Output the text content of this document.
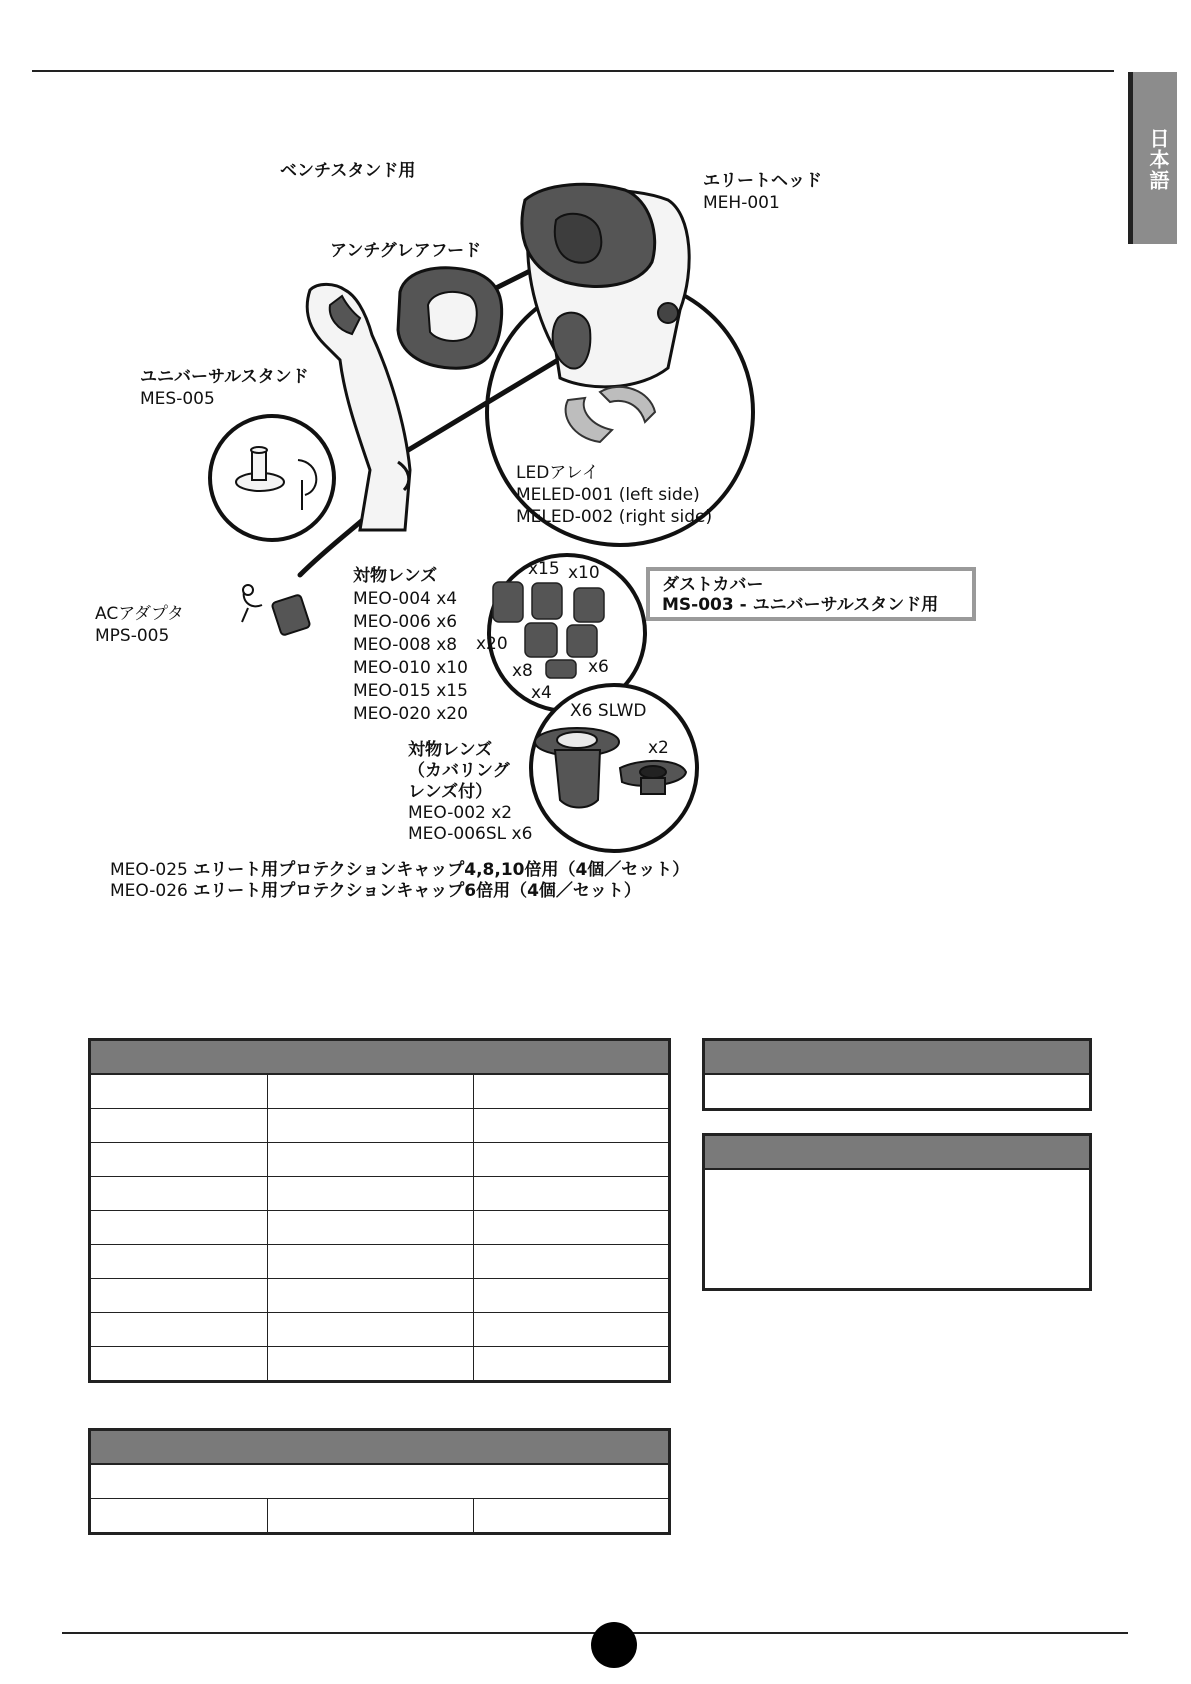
日本語
ベンチスタンド用	エリートヘッド
MEH-001
アンチグレアフード
ユニバーサルスタンド
MES-005
LEDアレイ
MELED-001 (left side)
MELED-002 (right side)
ACアダプタ
MPS-005
対物レンズ
MEO-004 x4
MEO-006 x6
MEO-008 x8
MEO-010 x10
MEO-015 x15
MEO-020 x20
x15 x10
x20
x8	x6
x4
ダストカバー
MS-003 - ユニバーサルスタンド用
X6 SLWD
x2
対物レンズ
（カバリング
レンズ付）
MEO-002 x2
MEO-006SL x6
MEO-025 エリート用プロテクションキャップ4,8,10倍用（4個／セット）
MEO-026 エリート用プロテクションキャップ6倍用（4個／セット）
